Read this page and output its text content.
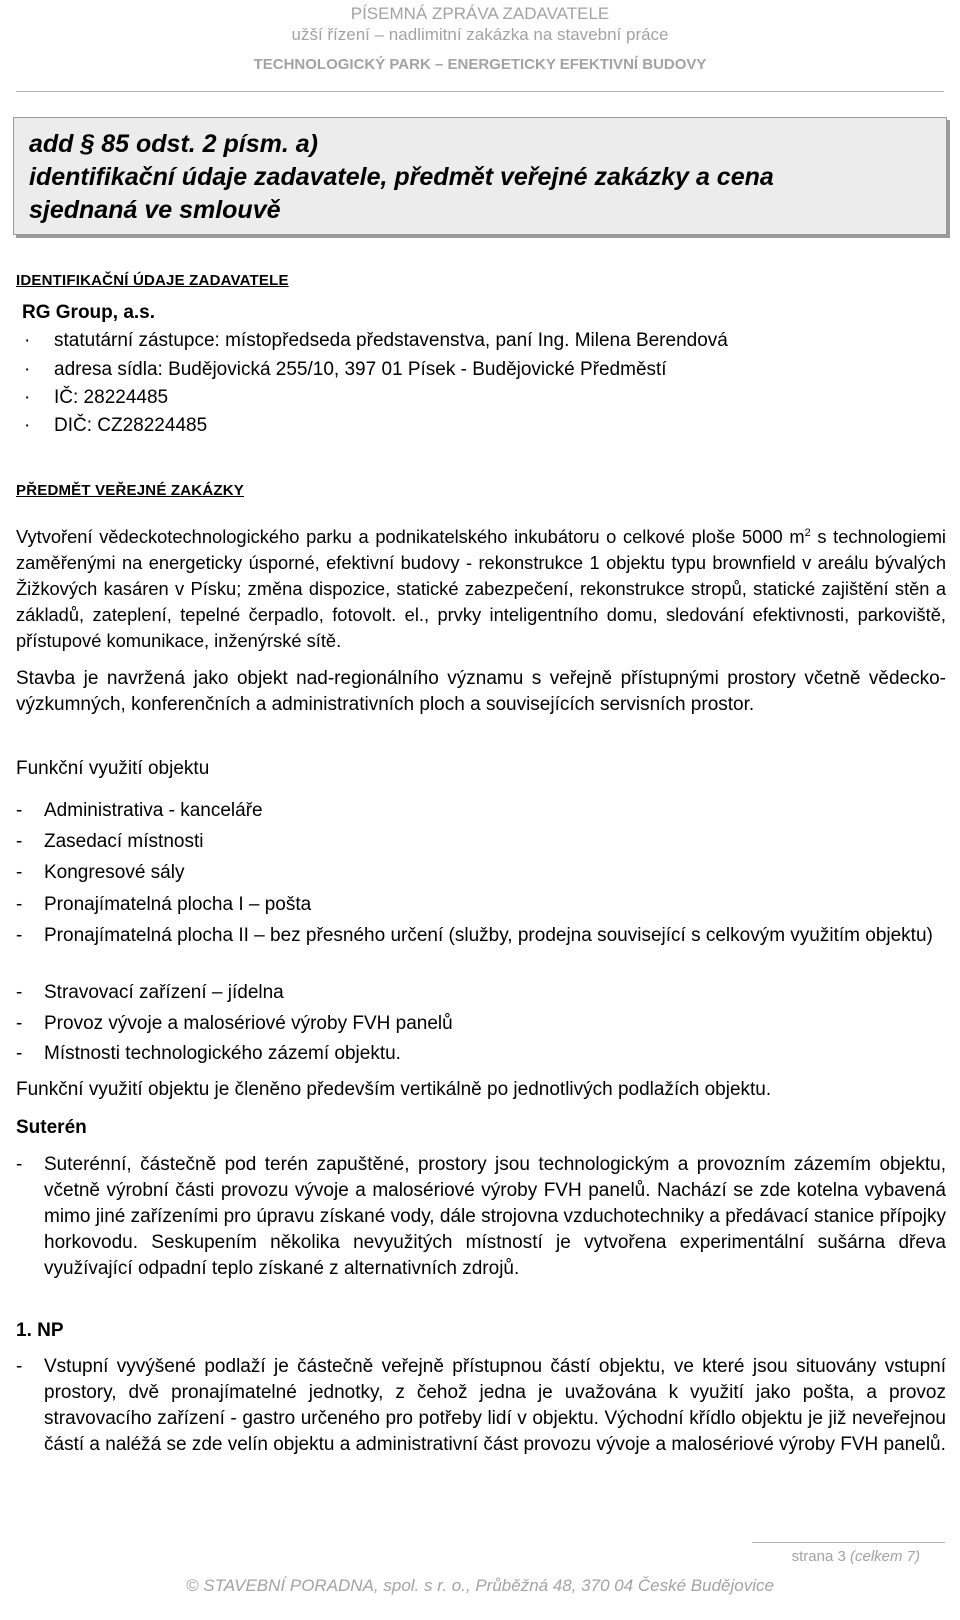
PÍSEMNÁ ZPRÁVA ZADAVATELE
užší řízení – nadlimitní zakázka na stavební práce
TECHNOLOGICKÝ PARK – ENERGETICKY EFEKTIVNÍ BUDOVY
add § 85 odst. 2 písm. a)
identifikační údaje zadavatele, předmět veřejné zakázky a cena
sjednaná ve smlouvě
IDENTIFIKAČNÍ ÚDAJE ZADAVATELE
RG Group, a.s.
· statutární zástupce: místopředseda představenstva, paní Ing. Milena Berendová
· adresa sídla: Budějovická 255/10, 397 01 Písek - Budějovické Předměstí
· IČ: 28224485
· DIČ: CZ28224485
PŘEDMĚT VEŘEJNÉ ZAKÁZKY
Vytvoření vědeckotechnologického parku a podnikatelského inkubátoru o celkové ploše 5000 $m^2$ s technologiemi zaměřenými na energeticky úsporné, efektivní budovy - rekonstrukce 1 objektu typu brownfield v areálu bývalých Žižkových kasáren v Písku; změna dispozice, statické zabezpečení, rekonstrukce stropů, statické zajištění stěn a základů, zateplení, tepelné čerpadlo, fotovolt. el., prvky inteligentního domu, sledování efektivnosti, parkoviště, přístupové komunikace, inženýrské sítě.
Stavba je navržená jako objekt nad-regionálního významu s veřejně přístupnými prostory včetně vědecko-výzkumných, konferenčních a administrativních ploch a souvisejících servisních prostor.
Funkční využití objektu
- Administrativa - kanceláře
- Zasedací místnosti
- Kongresové sály
- Pronajímatelná plocha I – pošta
- Pronajímatelná plocha II – bez přesného určení (služby, prodejna související s celkovým využitím objektu)
- Stravovací zařízení – jídelna
- Provoz vývoje a malosériové výroby FVH panelů
- Místnosti technologického zázemí objektu.
Funkční využití objektu je členěno především vertikálně po jednotlivých podlažích objektu.
Suterén
- Suterénní, částečně pod terén zapuštěné, prostory jsou technologickým a provozním zázemím objektu, včetně výrobní části provozu vývoje a malosériové výroby FVH panelů. Nachází se zde kotelna vybavená mimo jiné zařízeními pro úpravu získané vody, dále strojovna vzduchotechniky a předávací stanice přípojky horkovodu. Seskupením několika nevyužitých místností je vytvořena experimentální sušárna dřeva využívající odpadní teplo získané z alternativních zdrojů.
1. NP
- Vstupní vyvýšené podlaží je částečně veřejně přístupnou částí objektu, ve které jsou situovány vstupní prostory, dvě pronajímatelné jednotky, z čehož jedna je uvažována k využití jako pošta, a provoz stravovacího zařízení - gastro určeného pro potřeby lidí v objektu. Východní křídlo objektu je již neveřejnou částí a naléžá se zde velín objektu a administrativní část provozu vývoje a malosériové výroby FVH panelů.
strana 3 (celkem 7)
© STAVEBNÍ PORADNA, spol. s r. o., Průběžná 48, 370 04 České Budějovice
